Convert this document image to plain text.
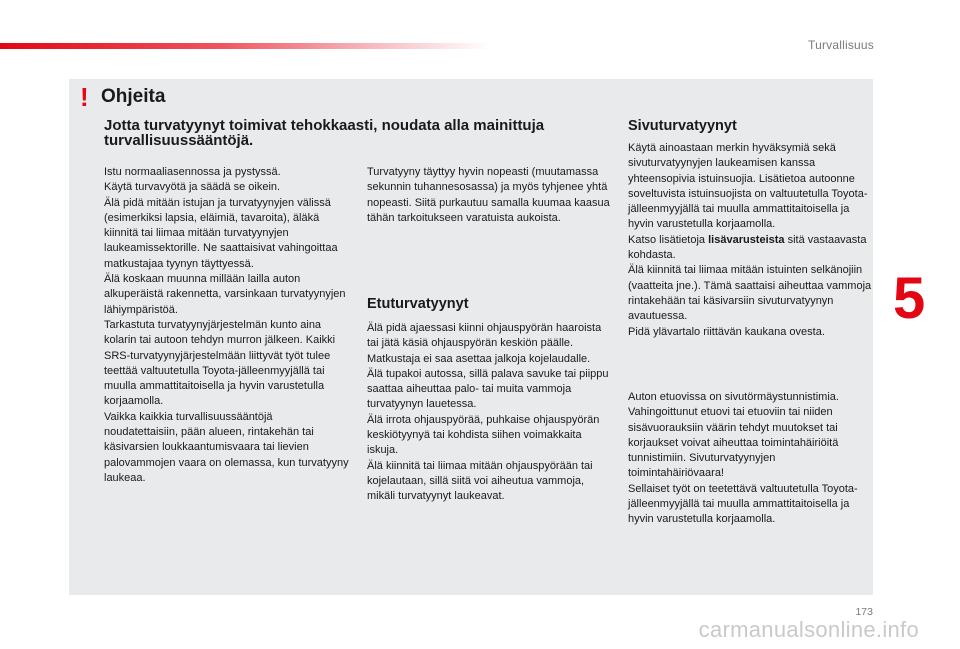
Turvallisuus
5
! Ohjeita
Jotta turvatyynyt toimivat tehokkaasti, noudata alla mainittuja turvallisuussääntöjä.
Istu normaaliasennossa ja pystyssä.
Käytä turvavyötä ja säädä se oikein.
Älä pidä mitään istujan ja turvatyynyjen välissä (esimerkiksi lapsia, eläimiä, tavaroita), äläkä kiinnitä tai liimaa mitään turvatyynyjen laukeamissektorille. Ne saattaisivat vahingoittaa matkustajaa tyynyn täyttyessä.
Älä koskaan muunna millään lailla auton alkuperäistä rakennetta, varsinkaan turvatyynyjen lähiympäristöä.
Tarkastuta turvatyynyjärjestelmän kunto aina kolarin tai autoon tehdyn murron jälkeen. Kaikki SRS-turvatyynyjärjestelmään liittyvät työt tulee teettää valtuutetulla Toyota-jälleenmyyjällä tai muulla ammattitaitoisella ja hyvin varustetulla korjaamolla.
Vaikka kaikkia turvallisuussääntöjä noudatettaisiin, pään alueen, rintakehän tai käsivarsien loukkaantumisvaara tai lievien palovammojen vaara on olemassa, kun turvatyyny laukeaa.
Turvatyyny täyttyy hyvin nopeasti (muutamassa sekunnin tuhannesosassa) ja myös tyhjenee yhtä nopeasti. Siitä purkautuu samalla kuumaa kaasua tähän tarkoitukseen varatuista aukoista.
Etuturvatyynyt
Älä pidä ajaessasi kiinni ohjauspyörän haaroista tai jätä käsiä ohjauspyörän keskiön päälle.
Matkustaja ei saa asettaa jalkoja kojelaudalle.
Älä tupakoi autossa, sillä palava savuke tai piippu saattaa aiheuttaa palo- tai muita vammoja turvatyynyn lauetessa.
Älä irrota ohjauspyörää, puhkaise ohjauspyörän keskiötyynyä tai kohdista siihen voimakkaita iskuja.
Älä kiinnitä tai liimaa mitään ohjauspyörään tai kojelautaan, sillä siitä voi aiheutua vammoja, mikäli turvatyynyt laukeavat.
Sivuturvatyynyt
Käytä ainoastaan merkin hyväksymiä sekä sivuturvatyynyjen laukeamisen kanssa yhteensopivia istuinsuojia. Lisätietoa autoonne soveltuvista istuinsuojista on valtuutetulla Toyota-jälleenmyyjällä tai muulla ammattitaitoisella ja hyvin varustetulla korjaamolla.
Katso lisätietoja lisävarusteista sitä vastaavasta kohdasta.
Älä kiinnitä tai liimaa mitään istuinten selkänojiin (vaatteita jne.). Tämä saattaisi aiheuttaa vammoja rintakehään tai käsivarsiin sivuturvatyynyn avautuessa.
Pidä ylävartalo riittävän kaukana ovesta.
Auton etuovissa on sivutörmäystunnistimia.
Vahingoittunut etuovi tai etuoviin tai niiden sisävuorauksiin väärin tehdyt muutokset tai korjaukset voivat aiheuttaa toimintahäiriöitä tunnistimiin. Sivuturvatyynyjen toimintahäiriövaara!
Sellaiset työt on teetettävä valtuutetulla Toyota-jälleenmyyjällä tai muulla ammattitaitoisella ja hyvin varustetulla korjaamolla.
173
carmanualsonline.info
